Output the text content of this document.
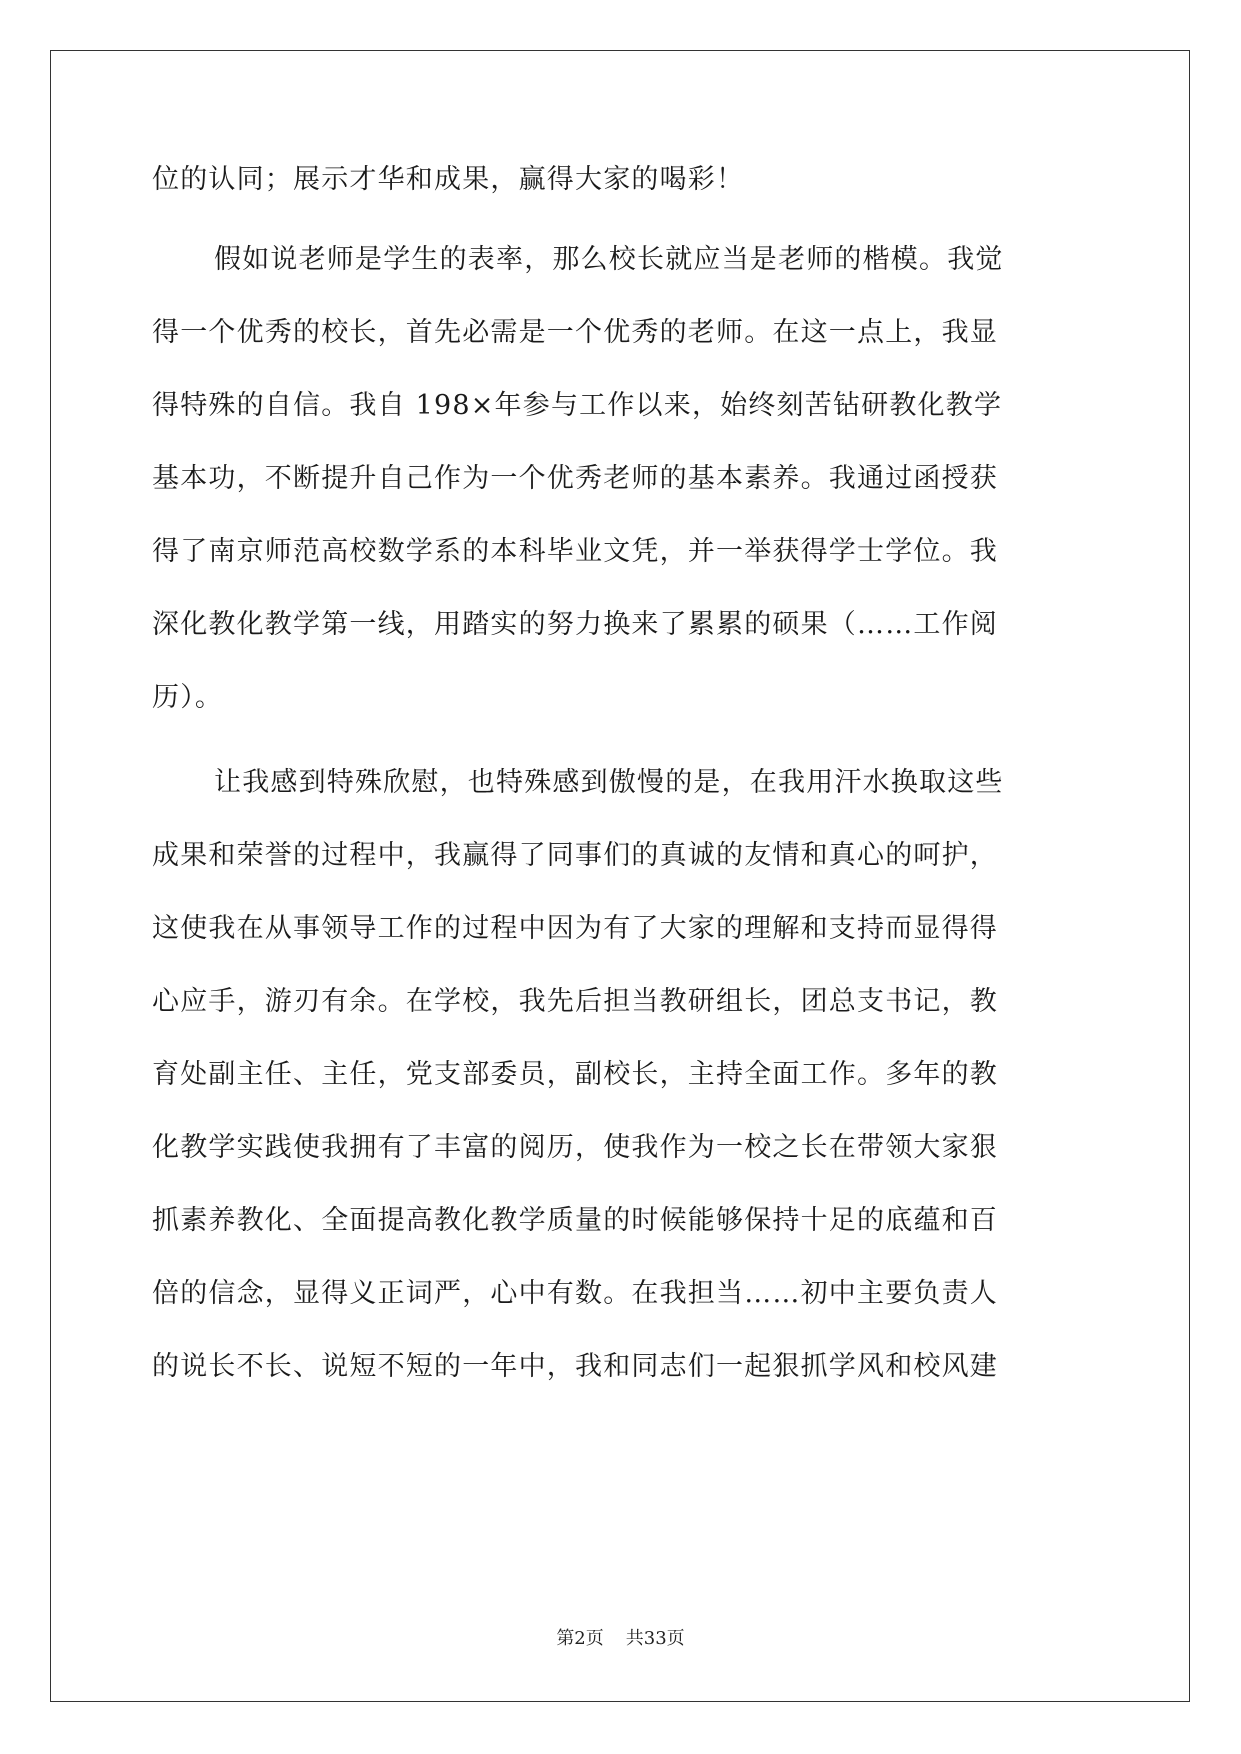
位的认同；展示才华和成果，赢得大家的喝彩！
假如说老师是学生的表率，那么校长就应当是老师的楷模。我觉
得一个优秀的校长，首先必需是一个优秀的老师。在这一点上，我显
得特殊的自信。我自 198×年参与工作以来，始终刻苦钻研教化教学
基本功，不断提升自己作为一个优秀老师的基本素养。我通过函授获
得了南京师范高校数学系的本科毕业文凭，并一举获得学士学位。我
深化教化教学第一线，用踏实的努力换来了累累的硕果（……工作阅
历）。
让我感到特殊欣慰，也特殊感到傲慢的是，在我用汗水换取这些
成果和荣誉的过程中，我赢得了同事们的真诚的友情和真心的呵护，
这使我在从事领导工作的过程中因为有了大家的理解和支持而显得得
心应手，游刃有余。在学校，我先后担当教研组长，团总支书记，教
育处副主任、主任，党支部委员，副校长，主持全面工作。多年的教
化教学实践使我拥有了丰富的阅历，使我作为一校之长在带领大家狠
抓素养教化、全面提高教化教学质量的时候能够保持十足的底蕴和百
倍的信念，显得义正词严，心中有数。在我担当……初中主要负责人
的说长不长、说短不短的一年中，我和同志们一起狠抓学风和校风建
第2页 共33页
